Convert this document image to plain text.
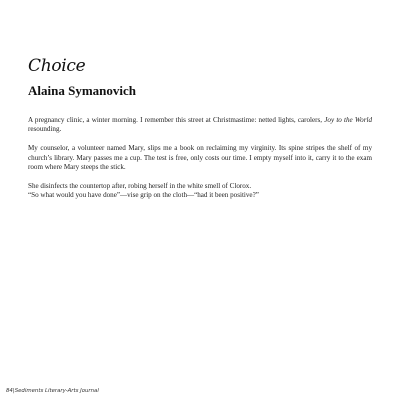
Choice
Alaina Symanovich

A pregnancy clinic, a winter morning. I remember this street at Christmastime: netted lights, carolers, Joy to the World resounding.

My counselor, a volunteer named Mary, slips me a book on reclaiming my virginity. Its spine stripes the shelf of my church’s library. Mary passes me a cup. The test is free, only costs our time. I empty myself into it, carry it to the exam room where Mary steeps the stick.

She disinfects the countertop after, robing herself in the white smell of Clorox.
“So what would you have done”—vise grip on the cloth—“had it been positive?”

84|Sediments Literary-Arts Journal
